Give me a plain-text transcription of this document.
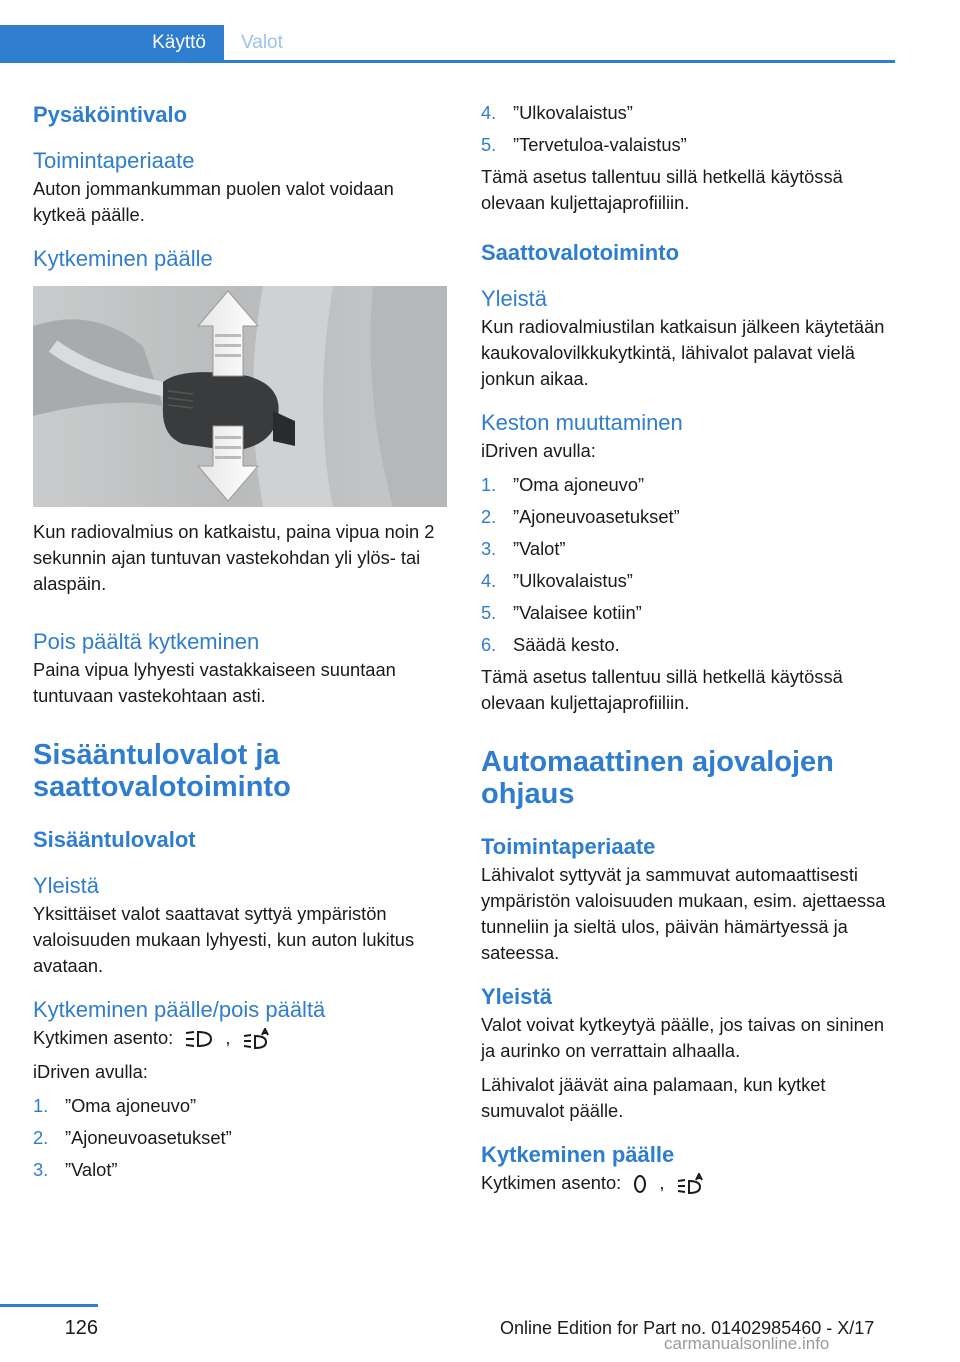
Käyttö Valot
Pysäköintivalo
Toimintaperiaate

Auton jommankumman puolen valot voidaan kytkeä päälle.

Kytkeminen päälle

Kun radiovalmius on katkaistu, paina vipua noin 2 sekunnin ajan tuntuvan vastekohdan yli ylös- tai alaspäin.

Pois päältä kytkeminen

Paina vipua lyhyesti vastakkaiseen suuntaan tuntuvaan vastekohtaan asti.

Sisääntulovalot ja saattovalotoiminto
Sisääntulovalot
Yleistä

Yksittäiset valot saattavat syttyä ympäristön valoisuuden mukaan lyhyesti, kun auton lukitus avataan.

Kytkeminen päälle/pois päältä

Kytkimen asento:	,

iDriven avulla:

1. ”Oma ajoneuvo”
2. ”Ajoneuvoasetukset”
3. ”Valot”
4. ”Ulkovalaistus”
5. ”Tervetuloa-valaistus”

Tämä asetus tallentuu sillä hetkellä käytössä olevaan kuljettajaprofiiliin.

Saattovalotoiminto
Yleistä

Kun radiovalmiustilan katkaisun jälkeen käytetään kaukovalovilkkukytkintä, lähivalot palavat vielä jonkun aikaa.

Keston muuttaminen

iDriven avulla:

1. ”Oma ajoneuvo”
2. ”Ajoneuvoasetukset”
3. ”Valot”
4. ”Ulkovalaistus”
5. ”Valaisee kotiin”
6. Säädä kesto.

Tämä asetus tallentuu sillä hetkellä käytössä olevaan kuljettajaprofiiliin.

Automaattinen ajovalojen ohjaus
Toimintaperiaate

Lähivalot syttyvät ja sammuvat automaattisesti ympäristön valoisuuden mukaan, esim. ajettaessa tunneliin ja sieltä ulos, päivän hämärtyessä ja sateessa.

Yleistä

Valot voivat kytkeytyä päälle, jos taivas on sininen ja aurinko on verrattain alhaalla.

Lähivalot jäävät aina palamaan, kun kytket sumuvalot päälle.

Kytkeminen päälle

Kytkimen asento: ,

126	Online Edition for Part no. 01402985460 - X/17
carmanualsonline.info
